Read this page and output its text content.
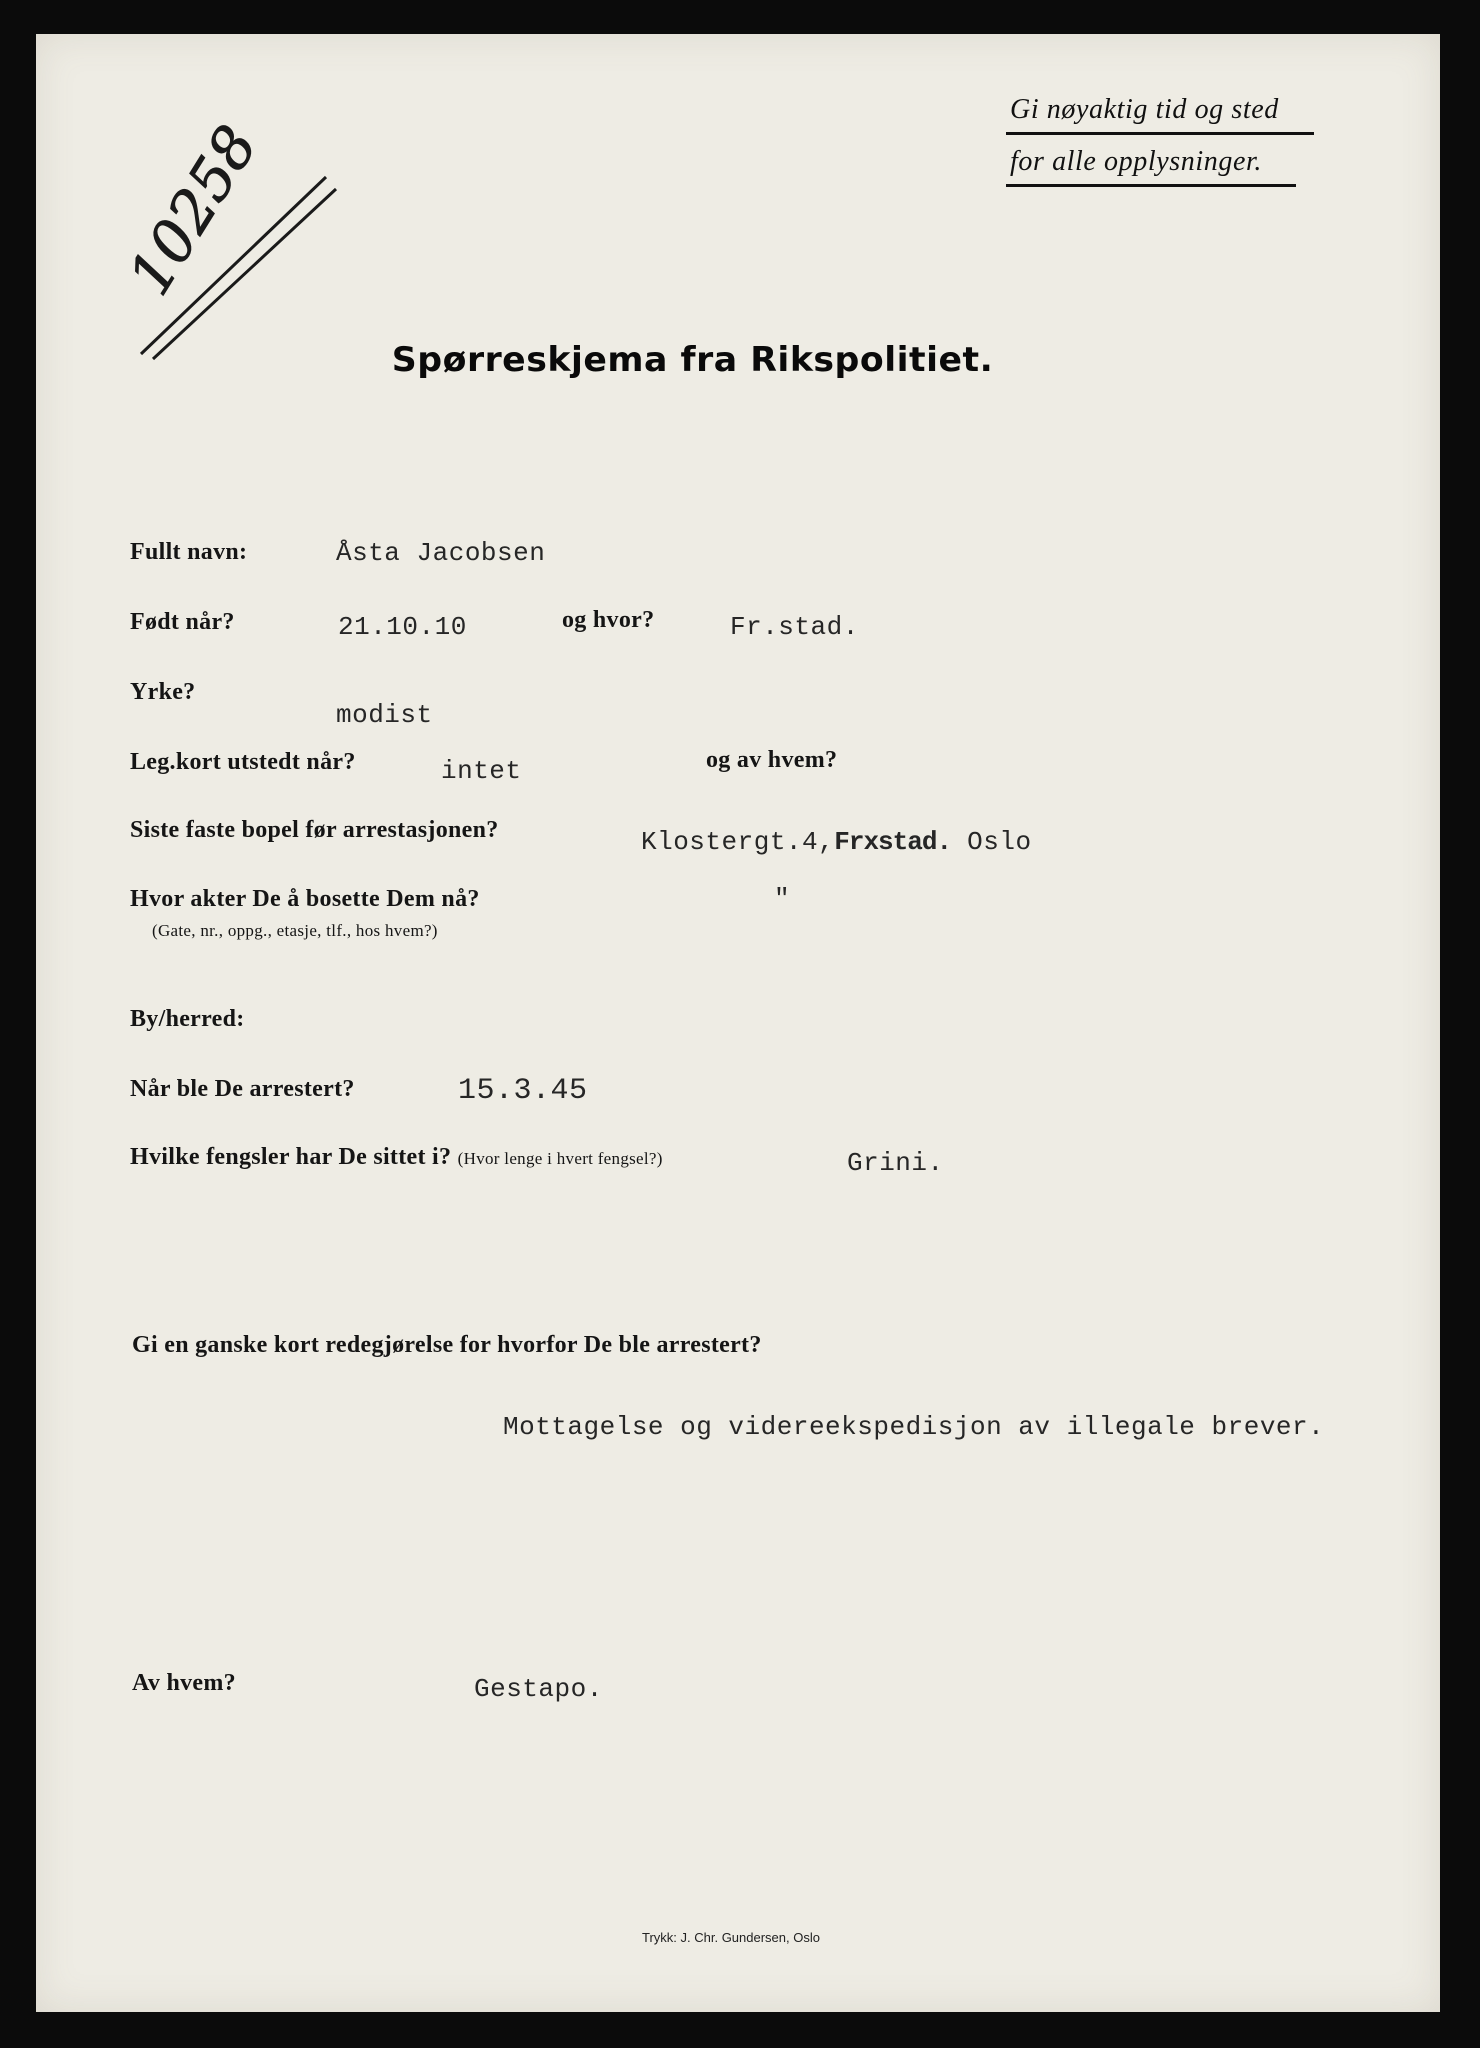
10258
Gi nøyaktig tid og sted
for alle opplysninger.
Spørreskjema fra Rikspolitiet.
Fullt navn:	Åsta Jacobsen
Født når?	21.10.10	og hvor?	Fr.stad.
Yrke?
modist
Leg.kort utstedt når?	intet	og av hvem?
Siste faste bopel før arrestasjonen?	Klostergt.4,Frxstad. Oslo
Hvor akter De å bosette Dem nå?
(Gate, nr., oppg., etasje, tlf., hos hvem?)
"
By/herred:
Når ble De arrestert?	15.3.45
Hvilke fengsler har De sittet i? (Hvor lenge i hvert fengsel?)	Grini.
Gi en ganske kort redegjørelse for hvorfor De ble arrestert?
Mottagelse og videreekspedisjon av illegale brever.
Av hvem?	Gestapo.
Trykk: J. Chr. Gundersen, Oslo
